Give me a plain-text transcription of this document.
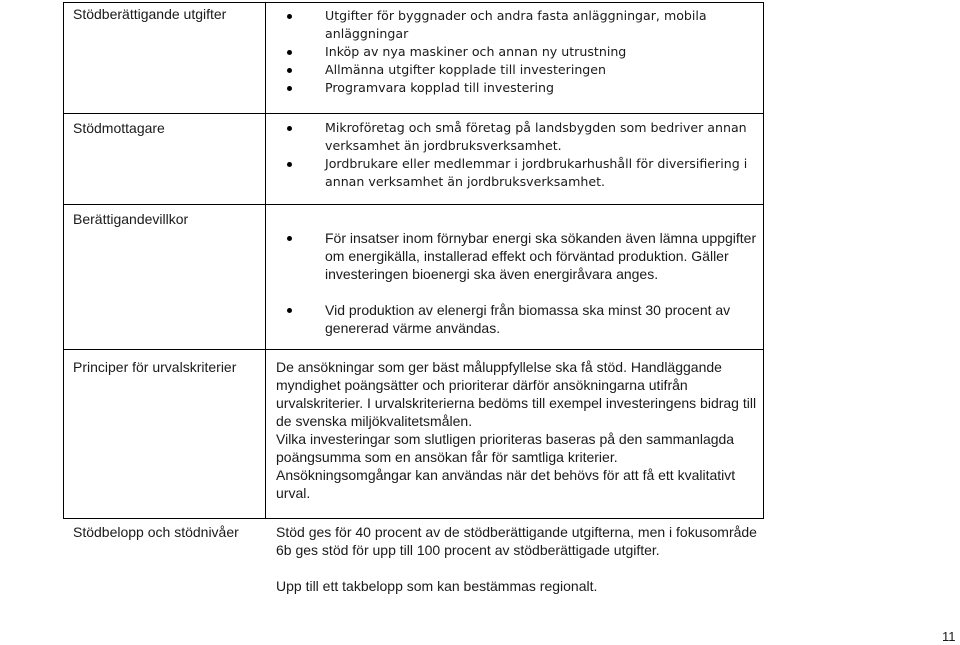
Stödberättigande utgifter	Utgifter för byggnader och andra fasta anläggningar, mobila anläggningar
Inköp av nya maskiner och annan ny utrustning
Allmänna utgifter kopplade till investeringen
Programvara kopplad till investering
Stödmottagare	Mikroföretag och små företag på landsbygden som bedriver annan verksamhet än jordbruksverksamhet.
Jordbrukare eller medlemmar i jordbrukarhushåll för diversifiering i annan verksamhet än jordbruksverksamhet.
Berättigandevillkor
För insatser inom förnybar energi ska sökanden även lämna uppgifter om energikälla, installerad effekt och förväntad produktion. Gäller investeringen bioenergi ska även energiråvara anges.
Vid produktion av elenergi från biomassa ska minst 30 procent av genererad värme användas.
Principer för urvalskriterier	De ansökningar som ger bäst måluppfyllelse ska få stöd. Handläggande myndighet poängsätter och prioriterar därför ansökningarna utifrån urvalskriterier. I urvalskriterierna bedöms till exempel investeringens bidrag till de svenska miljökvalitetsmålen.

Vilka investeringar som slutligen prioriteras baseras på den sammanlagda poängsumma som en ansökan får för samtliga kriterier.

Ansökningsomgångar kan användas när det behövs för att få ett kvalitativt urval.

Stödbelopp och stödnivåer	Stöd ges för 40 procent av de stödberättigande utgifterna, men i fokusområde 6b ges stöd för upp till 100 procent av stödberättigade utgifter.

Upp till ett takbelopp som kan bestämmas regionalt.

11
